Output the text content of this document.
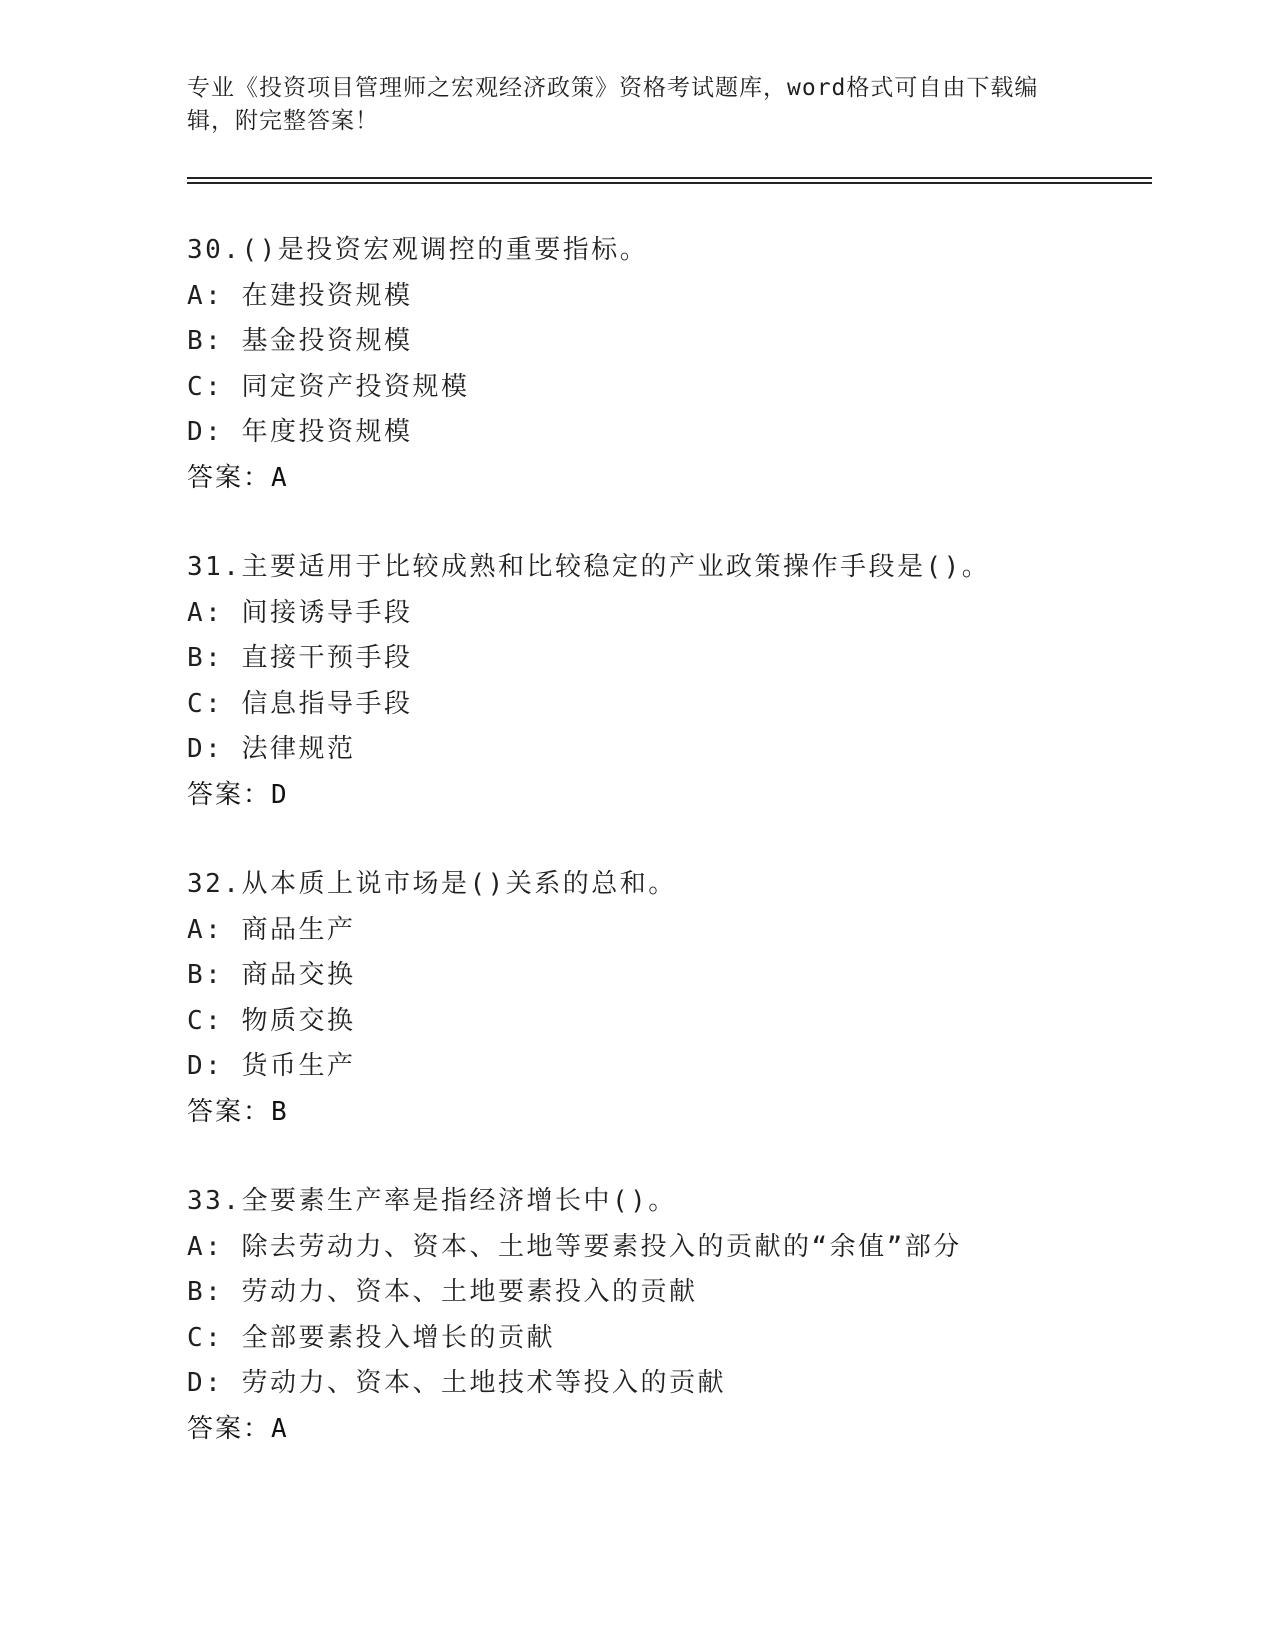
专业《投资项目管理师之宏观经济政策》资格考试题库，word格式可自由下载编
辑，附完整答案！
30.()是投资宏观调控的重要指标。
A: 在建投资规模
B: 基金投资规模
C: 同定资产投资规模
D: 年度投资规模
答案：A
31.主要适用于比较成熟和比较稳定的产业政策操作手段是()。
A: 间接诱导手段
B: 直接干预手段
C: 信息指导手段
D: 法律规范
答案：D
32.从本质上说市场是()关系的总和。
A: 商品生产
B: 商品交换
C: 物质交换
D: 货币生产
答案：B
33.全要素生产率是指经济增长中()。
A: 除去劳动力、资本、土地等要素投入的贡献的“余值”部分
B: 劳动力、资本、土地要素投入的贡献
C: 全部要素投入增长的贡献
D: 劳动力、资本、土地技术等投入的贡献
答案：A
